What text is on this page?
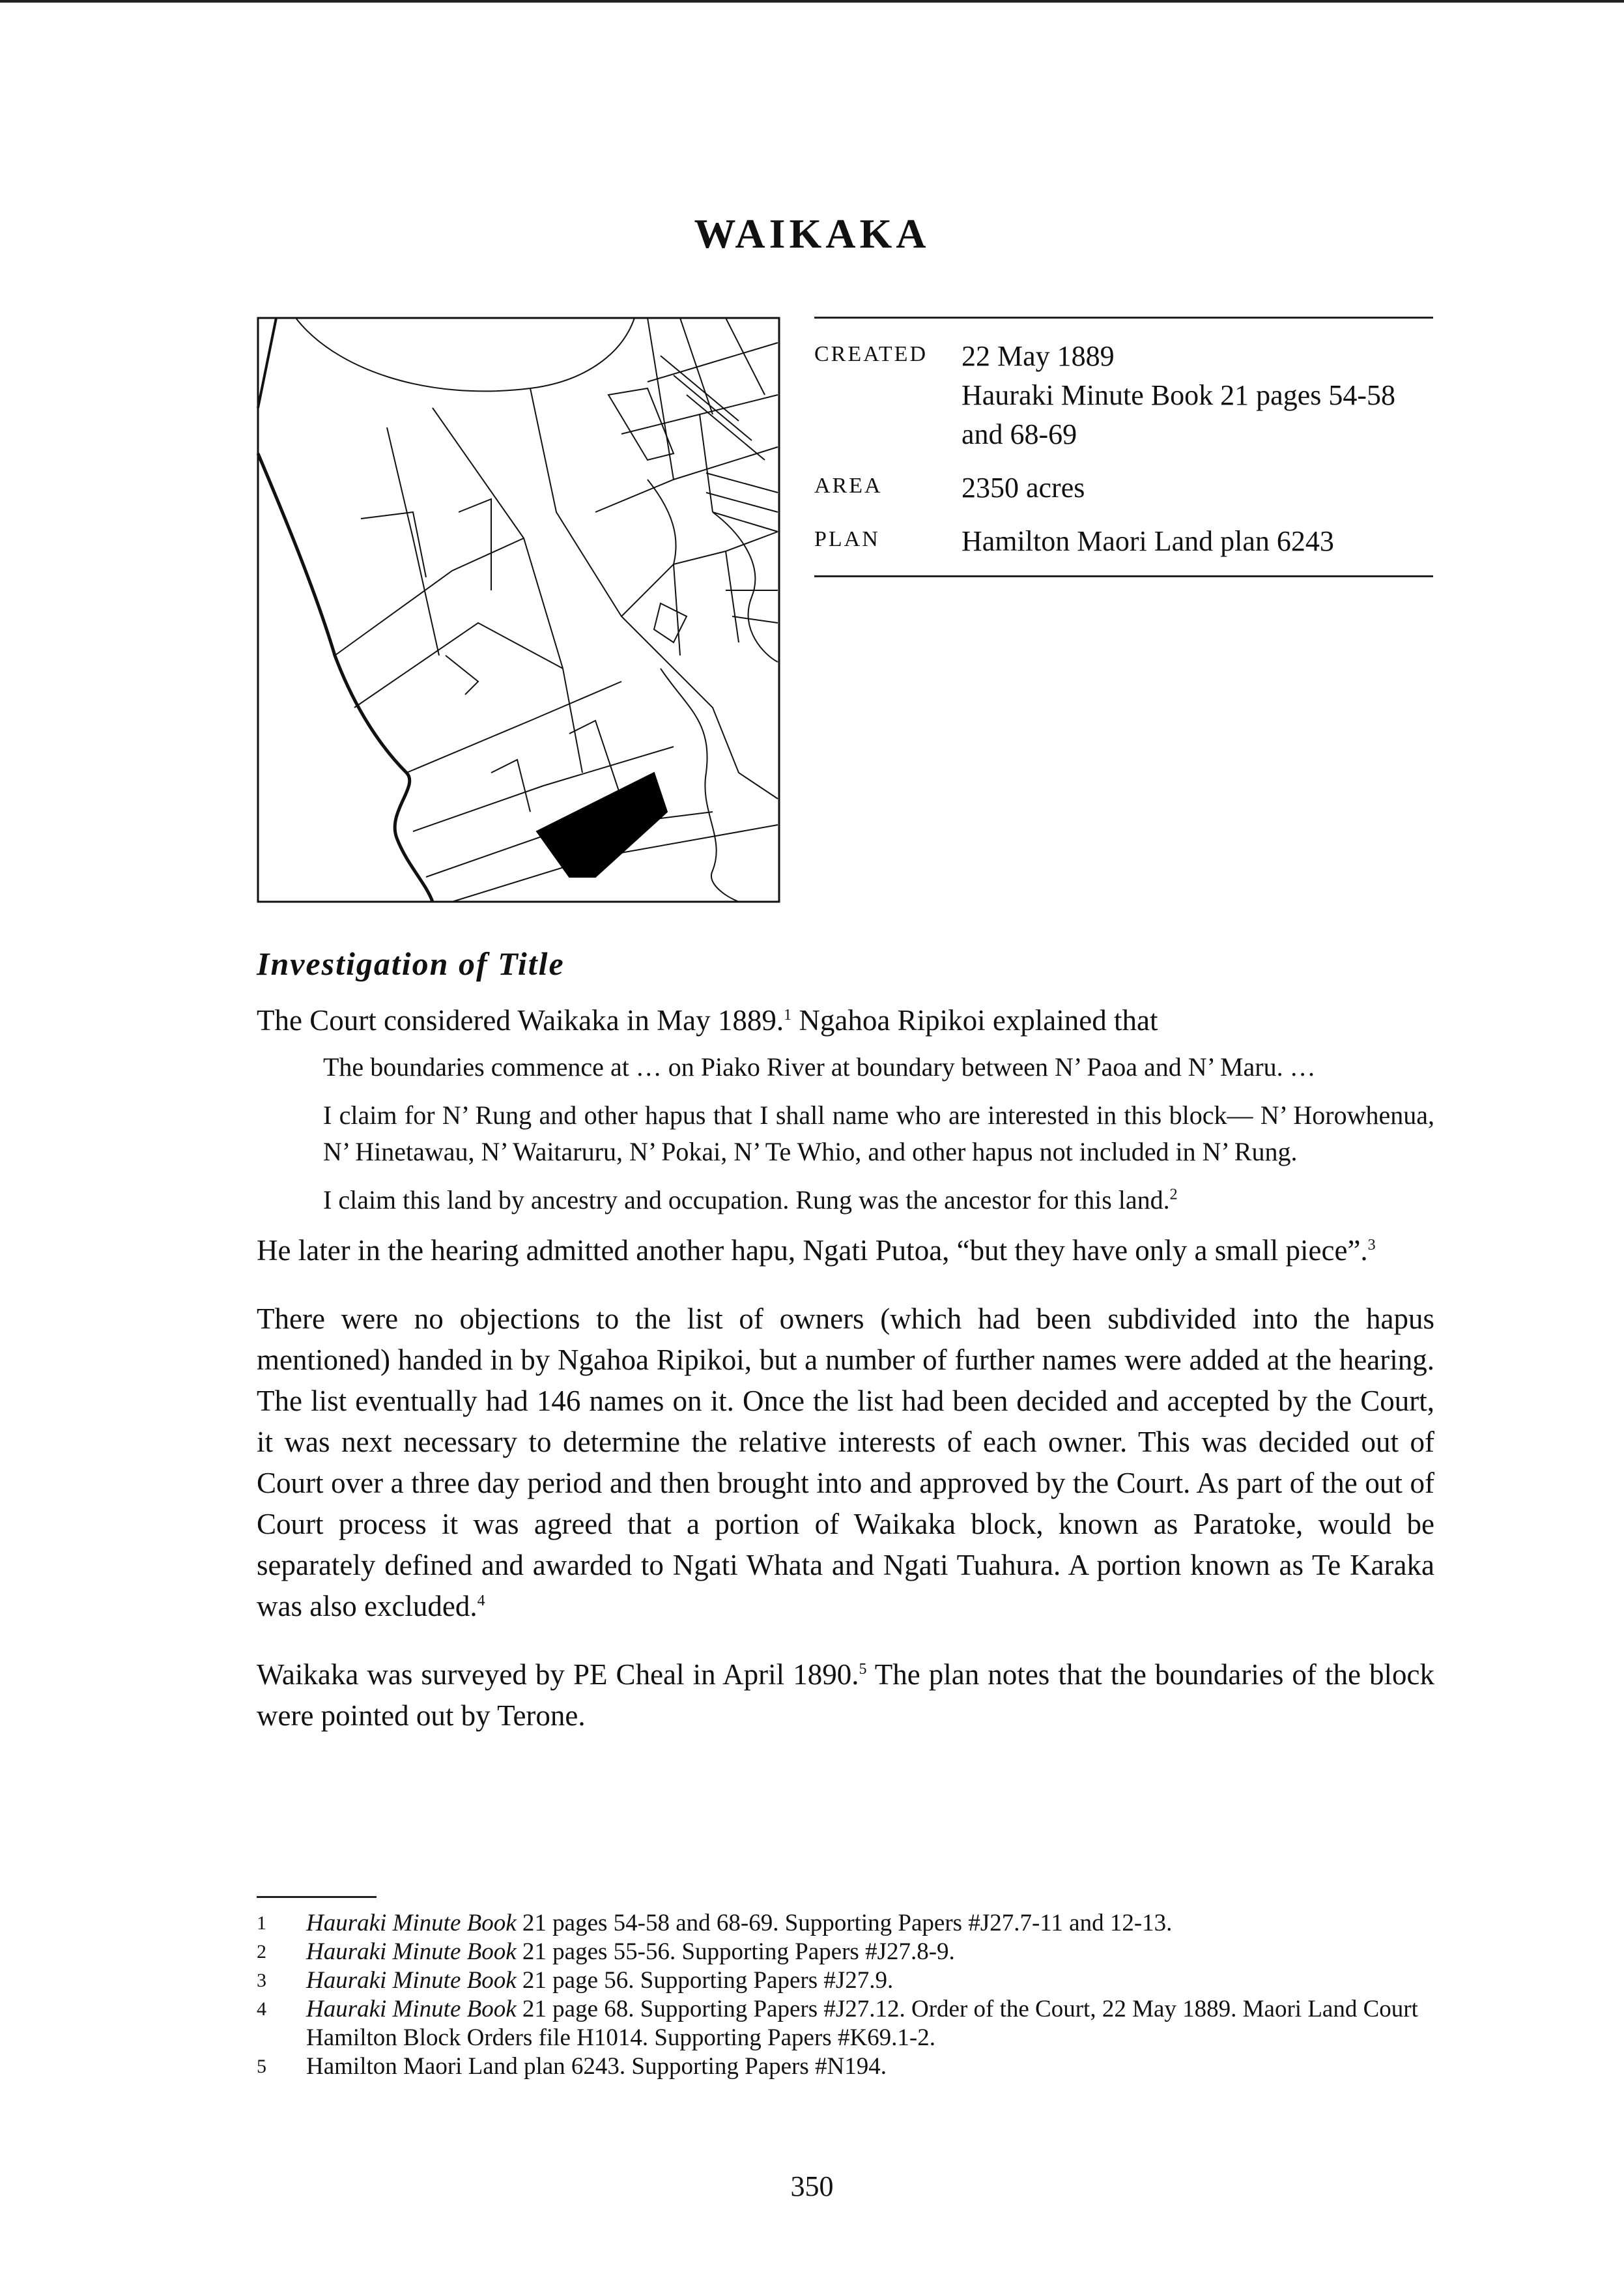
WAIKAKA
CREATED	22 May 1889
Hauraki Minute Book 21 pages 54-58
and 68-69
AREA	2350 acres
PLAN	Hamilton Maori Land plan 6243
Investigation of Title

The Court considered Waikaka in May 1889.$^1$ Ngahoa Ripikoi explained that

The boundaries commence at … on Piako River at boundary between N’ Paoa and N’ Maru. …

I claim for N’ Rung and other hapus that I shall name who are interested in this block— N’ Horowhenua, N’ Hinetawau, N’ Waitaruru, N’ Pokai, N’ Te Whio, and other hapus not included in N’ Rung.

I claim this land by ancestry and occupation. Rung was the ancestor for this land.$^2$

He later in the hearing admitted another hapu, Ngati Putoa, “but they have only a small piece”.$^3$

There were no objections to the list of owners (which had been subdivided into the hapus mentioned) handed in by Ngahoa Ripikoi, but a number of further names were added at the hearing. The list eventually had 146 names on it. Once the list had been decided and accepted by the Court, it was next necessary to determine the relative interests of each owner. This was decided out of Court over a three day period and then brought into and approved by the Court. As part of the out of Court process it was agreed that a portion of Waikaka block, known as Paratoke, would be separately defined and awarded to Ngati Whata and Ngati Tuahura. A portion known as Te Karaka was also excluded.$^4$

Waikaka was surveyed by PE Cheal in April 1890.$^5$ The plan notes that the boundaries of the block were pointed out by Terone.

1	Hauraki Minute Book 21 pages 54-58 and 68-69. Supporting Papers #J27.7-11 and 12-13.
2	Hauraki Minute Book 21 pages 55-56. Supporting Papers #J27.8-9.
3	Hauraki Minute Book 21 page 56. Supporting Papers #J27.9.
4	Hauraki Minute Book 21 page 68. Supporting Papers #J27.12. Order of the Court, 22 May 1889. Maori Land Court Hamilton Block Orders file H1014. Supporting Papers #K69.1-2.
5	Hamilton Maori Land plan 6243. Supporting Papers #N194.
350
